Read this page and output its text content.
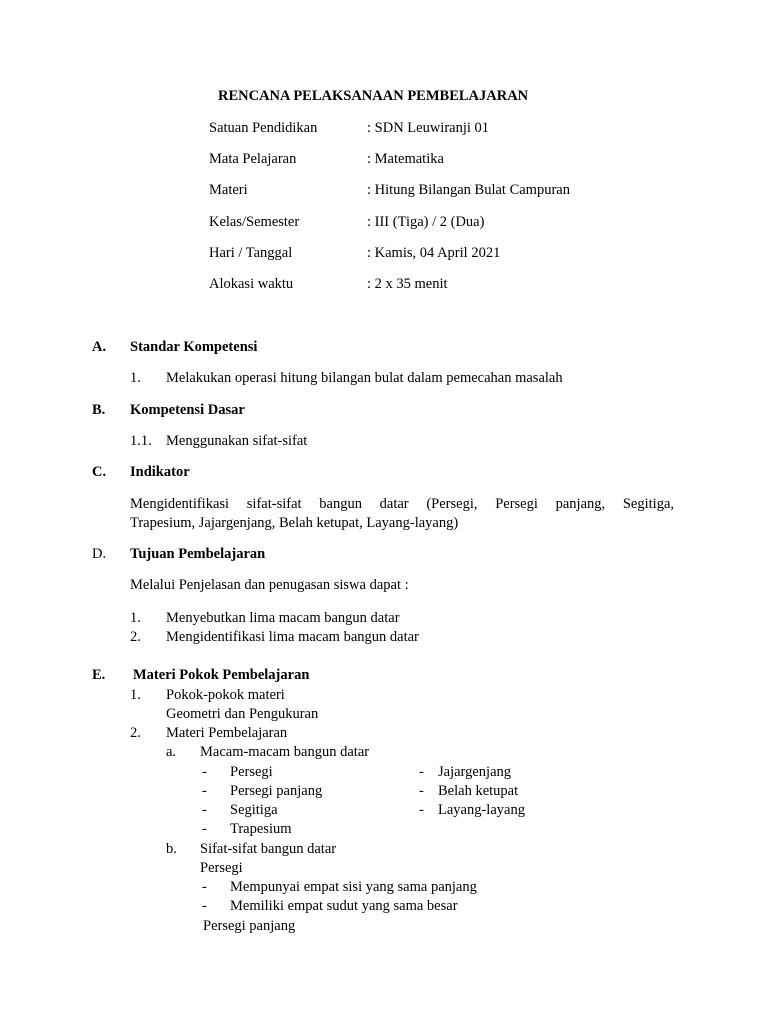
RENCANA PELAKSANAAN PEMBELAJARAN
Satuan Pendidikan	: SDN Leuwiranji 01
Mata Pelajaran	: Matematika
Materi	: Hitung Bilangan Bulat Campuran
Kelas/Semester	: III (Tiga) / 2 (Dua)
Hari / Tanggal	: Kamis, 04 April 2021
Alokasi waktu	: 2 x 35 menit
A. Standar Kompetensi
1. Melakukan operasi hitung bilangan bulat dalam pemecahan masalah
B. Kompetensi Dasar
1.1. Menggunakan sifat-sifat
C. Indikator
Mengidentifikasi sifat-sifat bangun datar (Persegi, Persegi panjang, Segitiga,
Trapesium, Jajargenjang, Belah ketupat, Layang-layang)
D. Tujuan Pembelajaran
Melalui Penjelasan dan penugasan siswa dapat :
1. Menyebutkan lima macam bangun datar
2. Mengidentifikasi lima macam bangun datar
E. Materi Pokok Pembelajaran
1. Pokok-pokok materi
Geometri dan Pengukuran
2. Materi Pembelajaran
a. Macam-macam bangun datar
- Persegi
- Persegi panjang
- Segitiga
- Trapesium
- Jajargenjang
- Belah ketupat
- Layang-layang
b. Sifat-sifat bangun datar
Persegi
- Mempunyai empat sisi yang sama panjang
- Memiliki empat sudut yang sama besar
Persegi panjang
